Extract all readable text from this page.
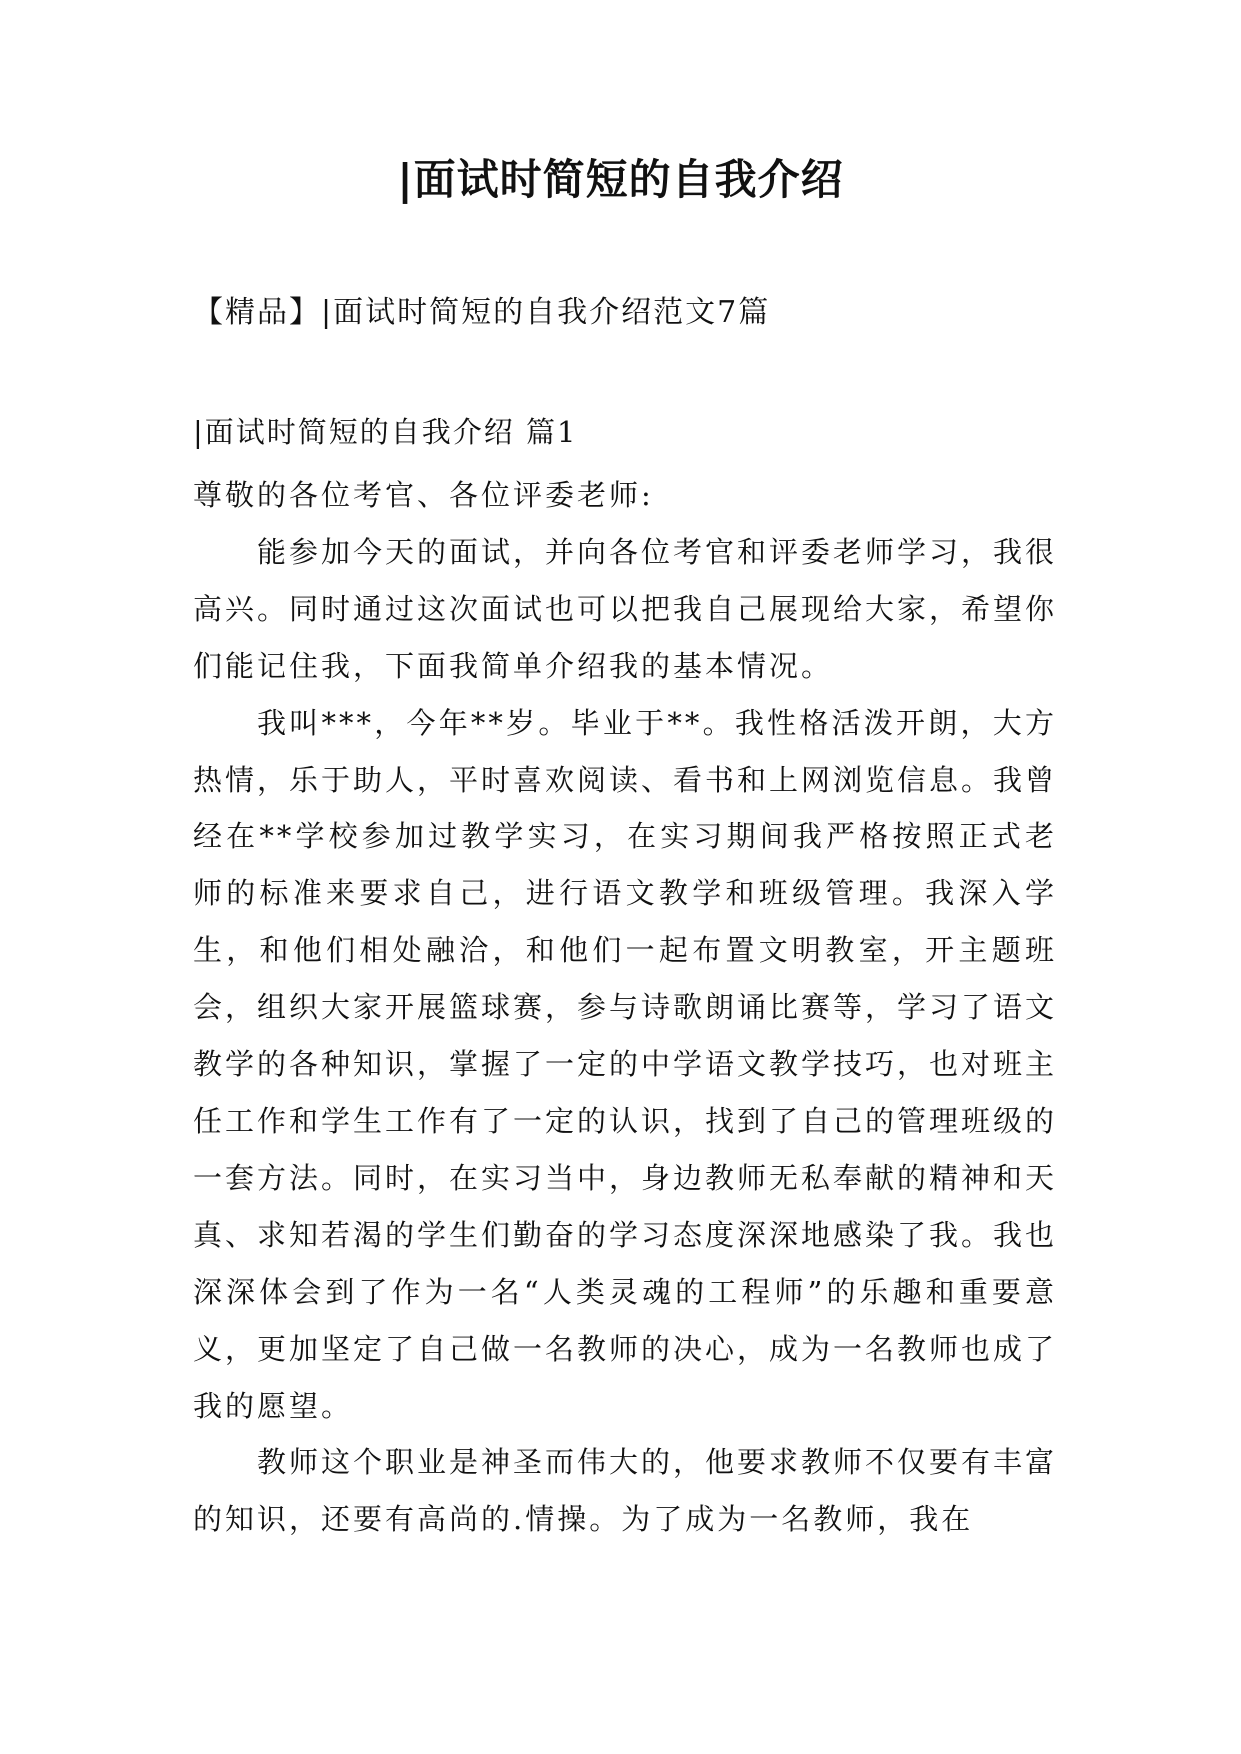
|面试时简短的自我介绍
【精品】|面试时简短的自我介绍范文7篇
|面试时简短的自我介绍 篇1

尊敬的各位考官、各位评委老师:

能参加今天的面试，并向各位考官和评委老师学习，我很高兴。同时通过这次面试也可以把我自己展现给大家，希望你们能记住我，下面我简单介绍我的基本情况。

我叫***，今年**岁。毕业于**。我性格活泼开朗，大方热情，乐于助人，平时喜欢阅读、看书和上网浏览信息。我曾经在**学校参加过教学实习，在实习期间我严格按照正式老师的标准来要求自己，进行语文教学和班级管理。我深入学生，和他们相处融洽，和他们一起布置文明教室，开主题班会，组织大家开展篮球赛，参与诗歌朗诵比赛等，学习了语文教学的各种知识，掌握了一定的中学语文教学技巧，也对班主任工作和学生工作有了一定的认识，找到了自己的管理班级的一套方法。同时，在实习当中，身边教师无私奉献的精神和天真、求知若渴的学生们勤奋的学习态度深深地感染了我。我也深深体会到了作为一名“人类灵魂的工程师”的乐趣和重要意义，更加坚定了自己做一名教师的决心，成为一名教师也成了我的愿望。

教师这个职业是神圣而伟大的，他要求教师不仅要有丰富的知识，还要有高尚的.情操。为了成为一名教师，我在
